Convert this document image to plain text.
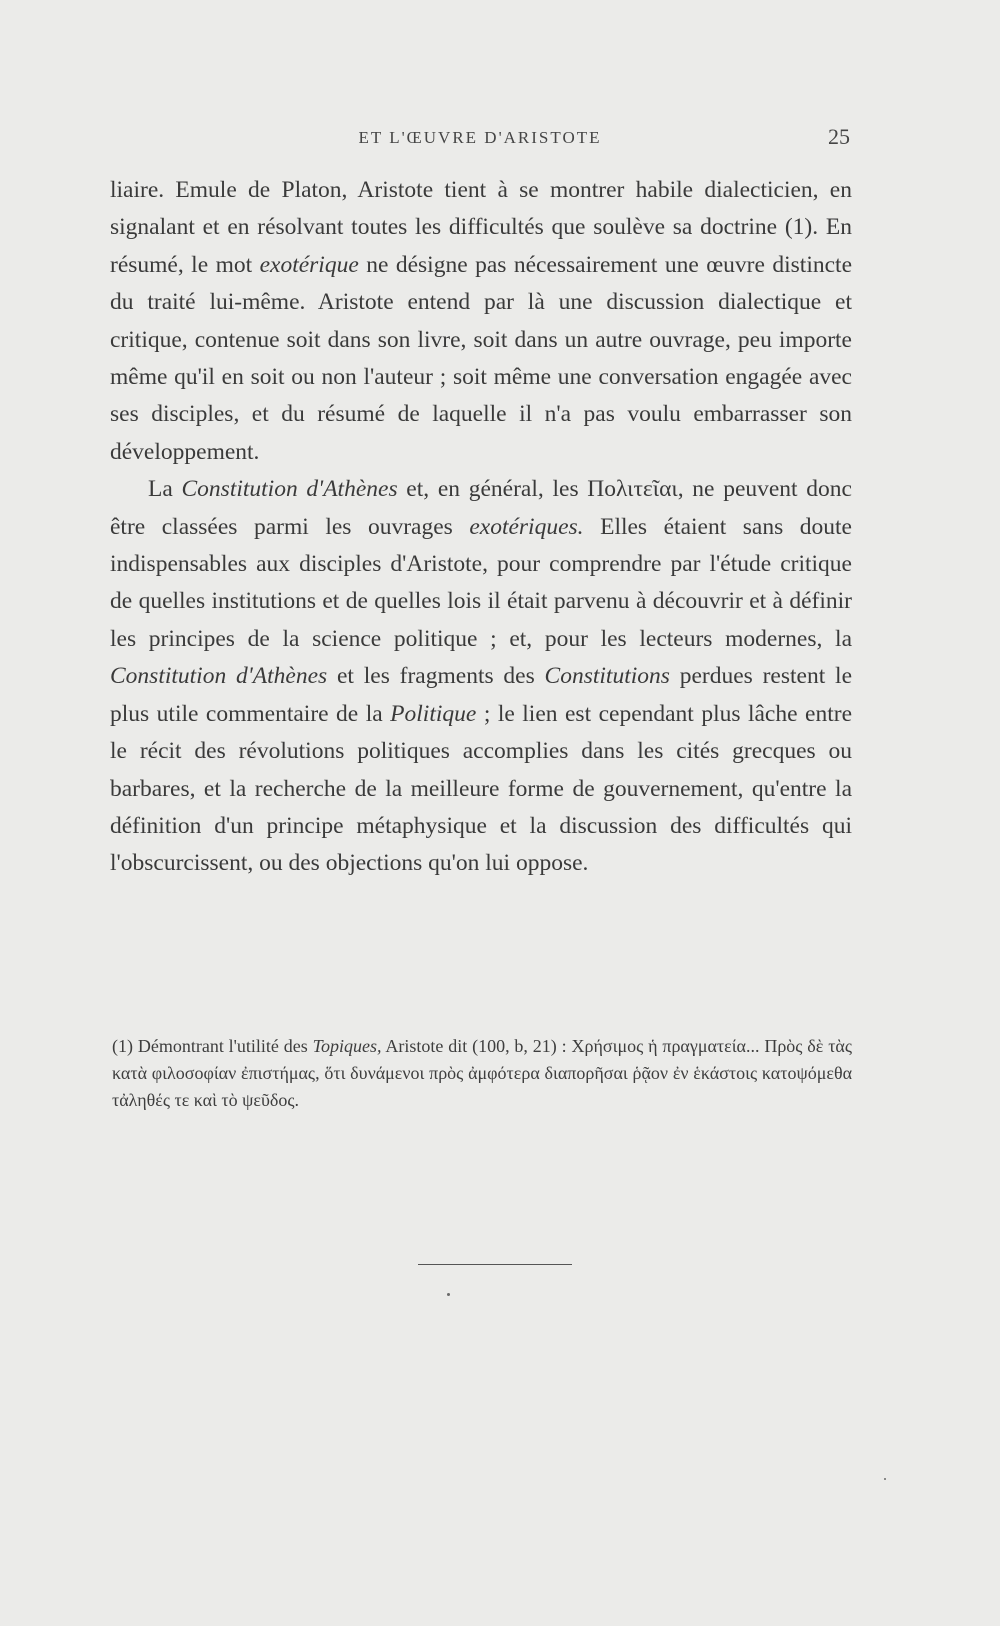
ET L'ŒUVRE D'ARISTOTE	25

liaire. Emule de Platon, Aristote tient à se montrer habile dialecticien, en signalant et en résolvant toutes les difficultés que soulève sa doctrine (1). En résumé, le mot exotérique ne désigne pas nécessairement une œuvre distincte du traité lui-même. Aristote entend par là une discussion dialectique et critique, contenue soit dans son livre, soit dans un autre ouvrage, peu importe même qu'il en soit ou non l'auteur ; soit même une conversation engagée avec ses disciples, et du résumé de laquelle il n'a pas voulu embarrasser son développement.

La Constitution d'Athènes et, en général, les Πολιτεῖαι, ne peuvent donc être classées parmi les ouvrages exotériques. Elles étaient sans doute indispensables aux disciples d'Aristote, pour comprendre par l'étude critique de quelles institutions et de quelles lois il était parvenu à découvrir et à définir les principes de la science politique ; et, pour les lecteurs modernes, la Constitution d'Athènes et les fragments des Constitutions perdues restent le plus utile commentaire de la Politique ; le lien est cependant plus lâche entre le récit des révolutions politiques accomplies dans les cités grecques ou barbares, et la recherche de la meilleure forme de gouvernement, qu'entre la définition d'un principe métaphysique et la discussion des difficultés qui l'obscurcissent, ou des objections qu'on lui oppose.

(1) Démontrant l'utilité des Topiques, Aristote dit (100, b, 21) : Χρήσιμος ἡ πραγματεία... Πρὸς δὲ τὰς κατὰ φιλοσοφίαν ἐπιστήμας, ὅτι δυνάμενοι πρὸς ἀμφότερα διαπορῆσαι ῥᾷον ἐν ἑκάστοις κατοψόμεθα τἀληθές τε καὶ τὸ ψεῦδος.
